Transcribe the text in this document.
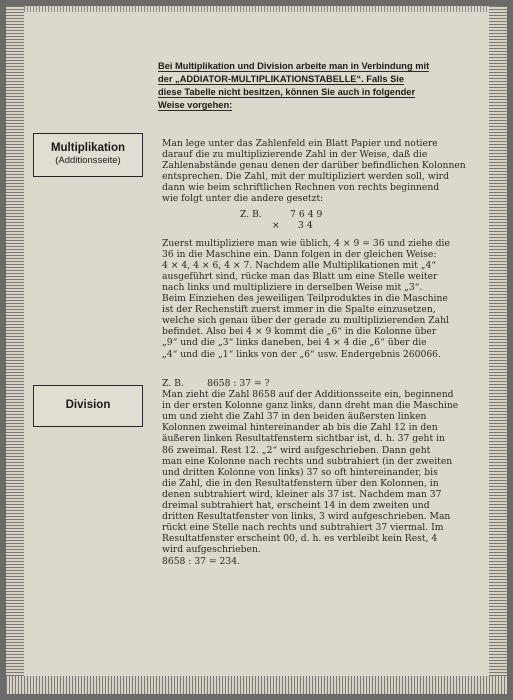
Bei Multiplikation und Division arbeite man in Verbindung mit
der „ADDIATOR-MULTIPLIKATIONSTABELLE“. Falls Sie
diese Tabelle nicht besitzen, können Sie auch in folgender
Weise vorgehen:
Multiplikation
(Additionsseite)
Man lege unter das Zahlenfeld ein Blatt Papier und notiere
darauf die zu multiplizierende Zahl in der Weise, daß die
Zahlenabstände genau denen der darüber befindlichen Kolonnen
entsprechen. Die Zahl, mit der multipliziert werden soll, wird
dann wie beim schriftlichen Rechnen von rechts beginnend
wie folgt unter die andere gesetzt:
Zuerst multipliziere man wie üblich, 4 × 9 = 36 und ziehe die
36 in die Maschine ein. Dann folgen in der gleichen Weise:
4 × 4, 4 × 6, 4 × 7. Nachdem alle Multiplikationen mit „4“
ausgeführt sind, rücke man das Blatt um eine Stelle weiter
nach links und multipliziere in derselben Weise mit „3“.
Beim Einziehen des jeweiligen Teilproduktes in die Maschine
ist der Rechenstift zuerst immer in die Spalte einzusetzen,
welche sich genau über der gerade zu multiplizierenden Zahl
befindet. Also bei 4 × 9 kommt die „6“ in die Kolonne über
„9“ und die „3“ links daneben, bei 4 × 4 die „6“ über die
„4“ und die „1“ links von der „6“ usw. Endergebnis 260066.
Z. B.	7649
× 34
Division
Z. B.        8658 : 37 = ?
Man zieht die Zahl 8658 auf der Additionsseite ein, beginnend
in der ersten Kolonne ganz links, dann dreht man die Maschine
um und zieht die Zahl 37 in den beiden äußersten linken
Kolonnen zweimal hintereinander ab bis die Zahl 12 in den
äußeren linken Resultatfenstern sichtbar ist, d. h. 37 geht in
86 zweimal. Rest 12. „2“ wird aufgeschrieben. Dann geht
man eine Kolonne nach rechts und subtrahiert (in der zweiten
und dritten Kolonne von links) 37 so oft hintereinander, bis
die Zahl, die in den Resultatfenstern über den Kolonnen, in
denen subtrahiert wird, kleiner als 37 ist. Nachdem man 37
dreimal subtrahiert hat, erscheint 14 in dem zweiten und
dritten Resultatfenster von links, 3 wird aufgeschrieben. Man
rückt eine Stelle nach rechts und subtrahiert 37 viermal. Im
Resultatfenster erscheint 00, d. h. es verbleibt kein Rest, 4
wird aufgeschrieben.
8658 : 37 = 234.
